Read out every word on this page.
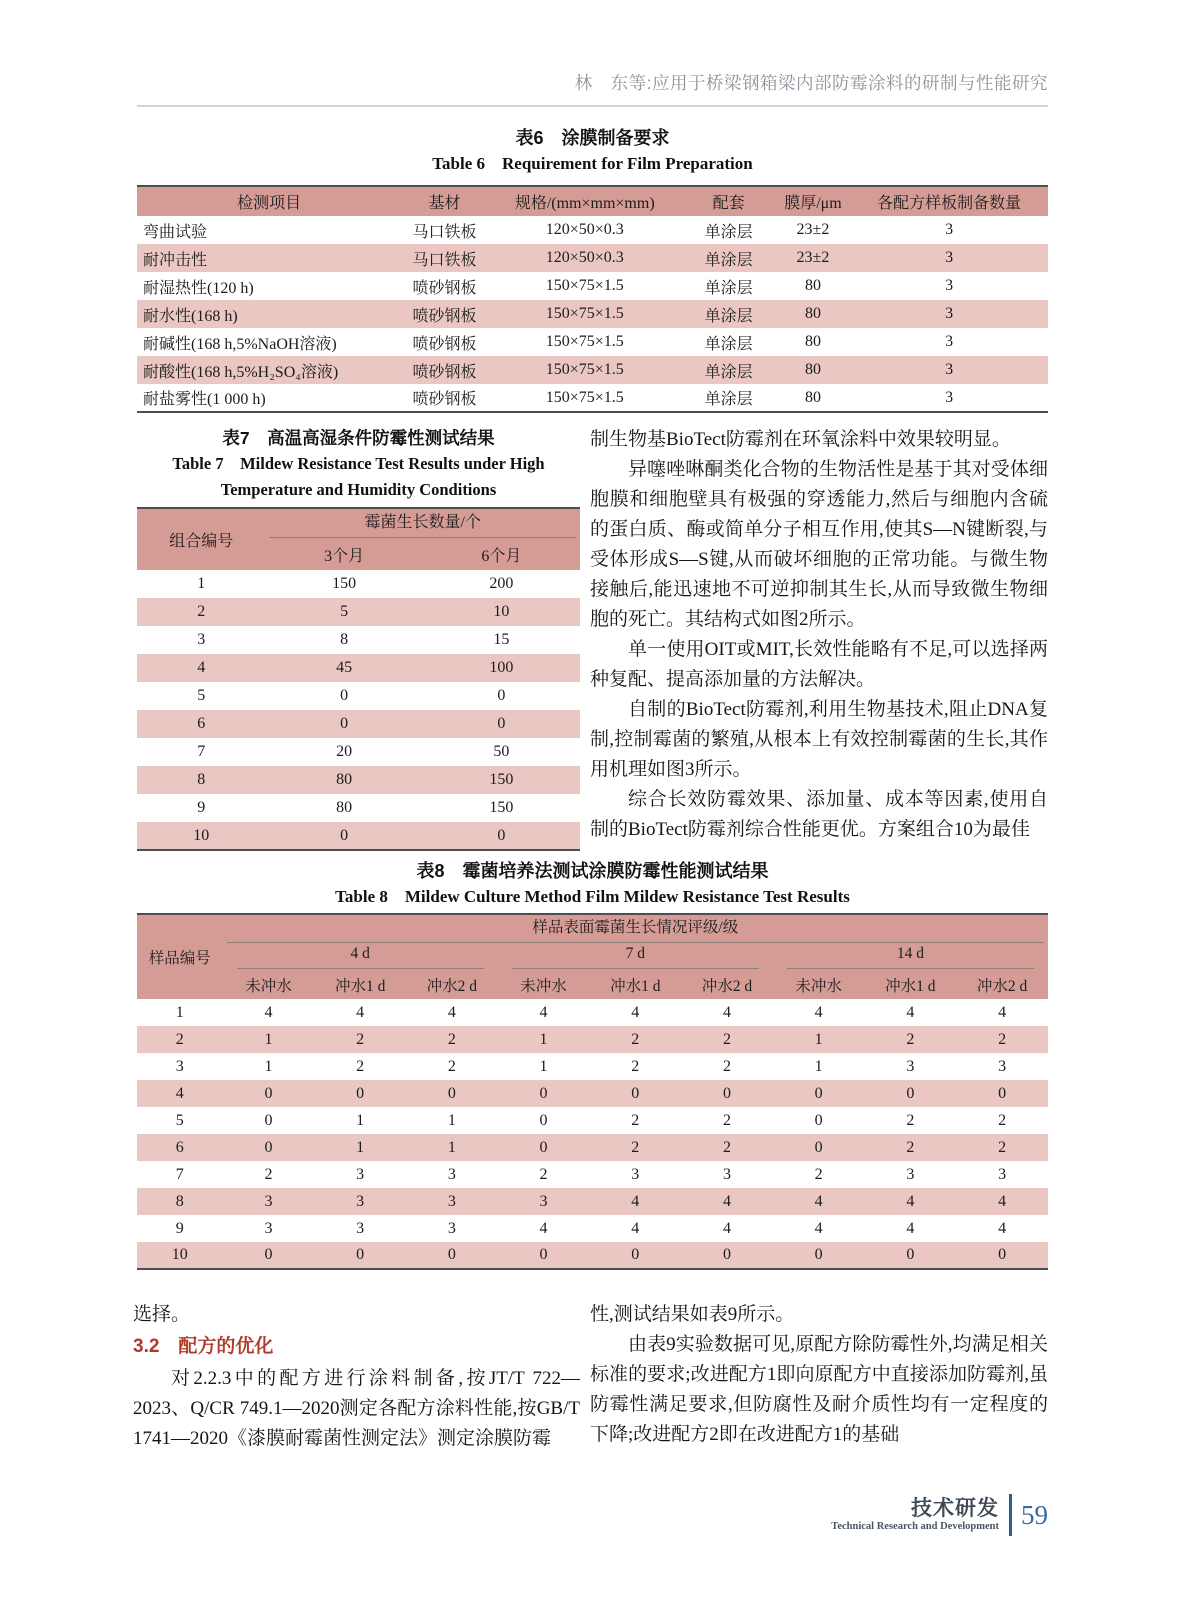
林　东等:应用于桥梁钢箱梁内部防霉涂料的研制与性能研究
表6　涂膜制备要求
Table 6　Requirement for Film Preparation
检测项目	基材	规格/(mm×mm×mm)	配套	膜厚/μm	各配方样板制备数量
弯曲试验	马口铁板	120×50×0.3	单涂层	23±2	3
耐冲击性	马口铁板	120×50×0.3	单涂层	23±2	3
耐湿热性(120 h)	喷砂钢板	150×75×1.5	单涂层	80	3
耐水性(168 h)	喷砂钢板	150×75×1.5	单涂层	80	3
耐碱性(168 h,5%NaOH溶液)	喷砂钢板	150×75×1.5	单涂层	80	3
耐酸性(168 h,5%H₂SO₄溶液)	喷砂钢板	150×75×1.5	单涂层	80	3
耐盐雾性(1 000 h)	喷砂钢板	150×75×1.5	单涂层	80	3
表7　高温高湿条件防霉性测试结果
Table 7　Mildew Resistance Test Results under High
Temperature and Humidity Conditions
组合编号	霉菌生长数量/个	

	3个月	6个月
1	150	200
2	5	10
3	8	15
4	45	100
5	0	0
6	0	0
7	20	50
8	80	150
9	80	150
10	0	0

制生物基BioTect防霉剂在环氧涂料中效果较明显。

异噻唑啉酮类化合物的生物活性是基于其对受体细胞膜和细胞壁具有极强的穿透能力,然后与细胞内含硫的蛋白质、酶或简单分子相互作用,使其S—N键断裂,与受体形成S—S键,从而破坏细胞的正常功能。与微生物接触后,能迅速地不可逆抑制其生长,从而导致微生物细胞的死亡。其结构式如图2所示。

单一使用OIT或MIT,长效性能略有不足,可以选择两种复配、提高添加量的方法解决。

自制的BioTect防霉剂,利用生物基技术,阻止DNA复制,控制霉菌的繁殖,从根本上有效控制霉菌的生长,其作用机理如图3所示。

综合长效防霉效果、添加量、成本等因素,使用自制的BioTect防霉剂综合性能更优。方案组合10为最佳

表8　霉菌培养法测试涂膜防霉性能测试结果
Table 8　Mildew Culture Method Film Mildew Resistance Test Results
样品编号	样品表面霉菌生长情况评级/级								

	4 d			7 d			14 d		

	未冲水	冲水1 d	冲水2 d	未冲水	冲水1 d	冲水2 d	未冲水	冲水1 d	冲水2 d
1	4	4	4	4	4	4	4	4	4
2	1	2	2	1	2	2	1	2	2
3	1	2	2	1	2	2	1	3	3
4	0	0	0	0	0	0	0	0	0
5	0	1	1	0	2	2	0	2	2
6	0	1	1	0	2	2	0	2	2
7	2	3	3	2	3	3	2	3	3
8	3	3	3	3	4	4	4	4	4
9	3	3	3	4	4	4	4	4	4
10	0	0	0	0	0	0	0	0	0

选择。

3.2　配方的优化

对2.2.3中的配方进行涂料制备,按JT/T 722—2023、Q/CR 749.1—2020测定各配方涂料性能,按GB/T 1741—2020《漆膜耐霉菌性测定法》测定涂膜防霉

性,测试结果如表9所示。

由表9实验数据可见,原配方除防霉性外,均满足相关标准的要求;改进配方1即向原配方中直接添加防霉剂,虽防霉性满足要求,但防腐性及耐介质性均有一定程度的下降;改进配方2即在改进配方1的基础

技术研发
Technical Research and Development 59
